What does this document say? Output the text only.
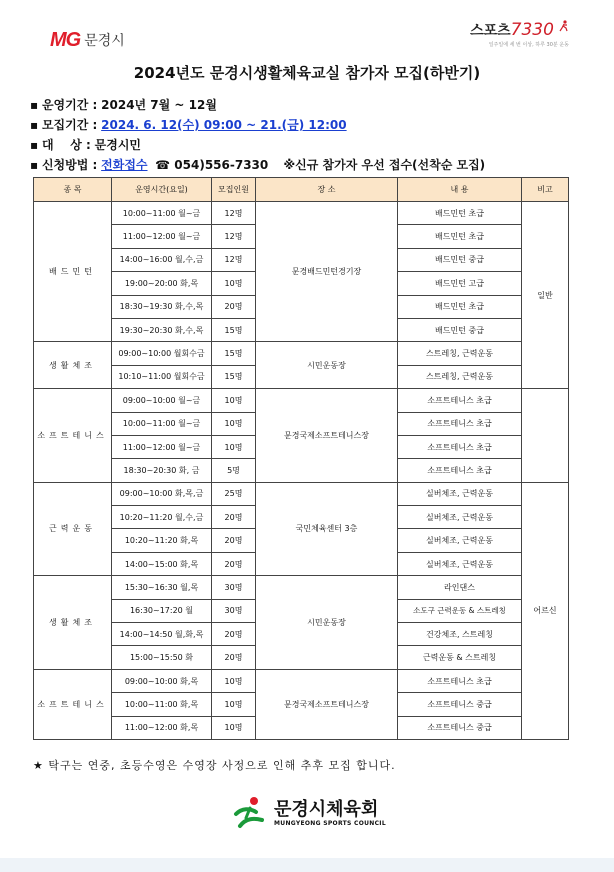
MG 문경시
스포츠7330
일주일에 세 번 이상, 하루 30분 운동
2024년도 문경시생활체육교실 참가자 모집(하반기)
▪ 운영기간 : 2024년 7월 ~ 12월
▪ 모집기간 : 2024. 6. 12(수) 09:00 ~ 21.(금) 12:00
▪ 대    상 : 문경시민
▪ 신청방법 : 전화접수 ☎ 054)556-7330 ※신규 참가자 우선 접수(선착순 모집)
종 목	운영시간(요일)	모집인원	장 소	내 용	비고
배드민턴	10:00~11:00 월~금	12명	문경배드민턴경기장	배드민턴 초급	일반
	11:00~12:00 월~금	12명		배드민턴 초급	
	14:00~16:00 월,수,금	12명		배드민턴 중급	
	19:00~20:00 화,목	10명		배드민턴 고급	
	18:30~19:30 화,수,목	20명		배드민턴 초급	
	19:30~20:30 화,수,목	15명		배드민턴 중급	
생활체조	09:00~10:00 월회수금	15명	시민운동장	스트레칭, 근력운동	
	10:10~11:00 월회수금	15명		스트레칭, 근력운동	
소프트테니스	09:00~10:00 월~금	10명	문경국제소프트테니스장	소프트테니스 초급	
	10:00~11:00 월~금	10명		소프트테니스 초급	
	11:00~12:00 월~금	10명		소프트테니스 초급	
	18:30~20:30 화, 금	5명		소프트테니스 초급	
근력운동	09:00~10:00 화,목,금	25명	국민체육센터 3층	실버체조, 근력운동	어르신
	10:20~11:20 월,수,금	20명		실버체조, 근력운동	
	10:20~11:20 화,목	20명		실버체조, 근력운동	
	14:00~15:00 화,목	20명		실버체조, 근력운동	
생활체조	15:30~16:30 월,목	30명	시민운동장	라인댄스	
	16:30~17:20 월	30명		소도구 근력운동 & 스트레칭	
	14:00~14:50 월,화,목	20명		건강체조, 스트레칭	
	15:00~15:50 화	20명		근력운동 & 스트레칭	
소프트테니스	09:00~10:00 화,목	10명	문경국제소프트테니스장	소프트테니스 초급	
	10:00~11:00 화,목	10명		소프트테니스 중급	
	11:00~12:00 화,목	10명		소프트테니스 중급	
★ 탁구는 연중, 초등수영은 수영장 사정으로 인해 추후 모집 합니다.
문경시체육회
MUNGYEONG SPORTS COUNCIL
